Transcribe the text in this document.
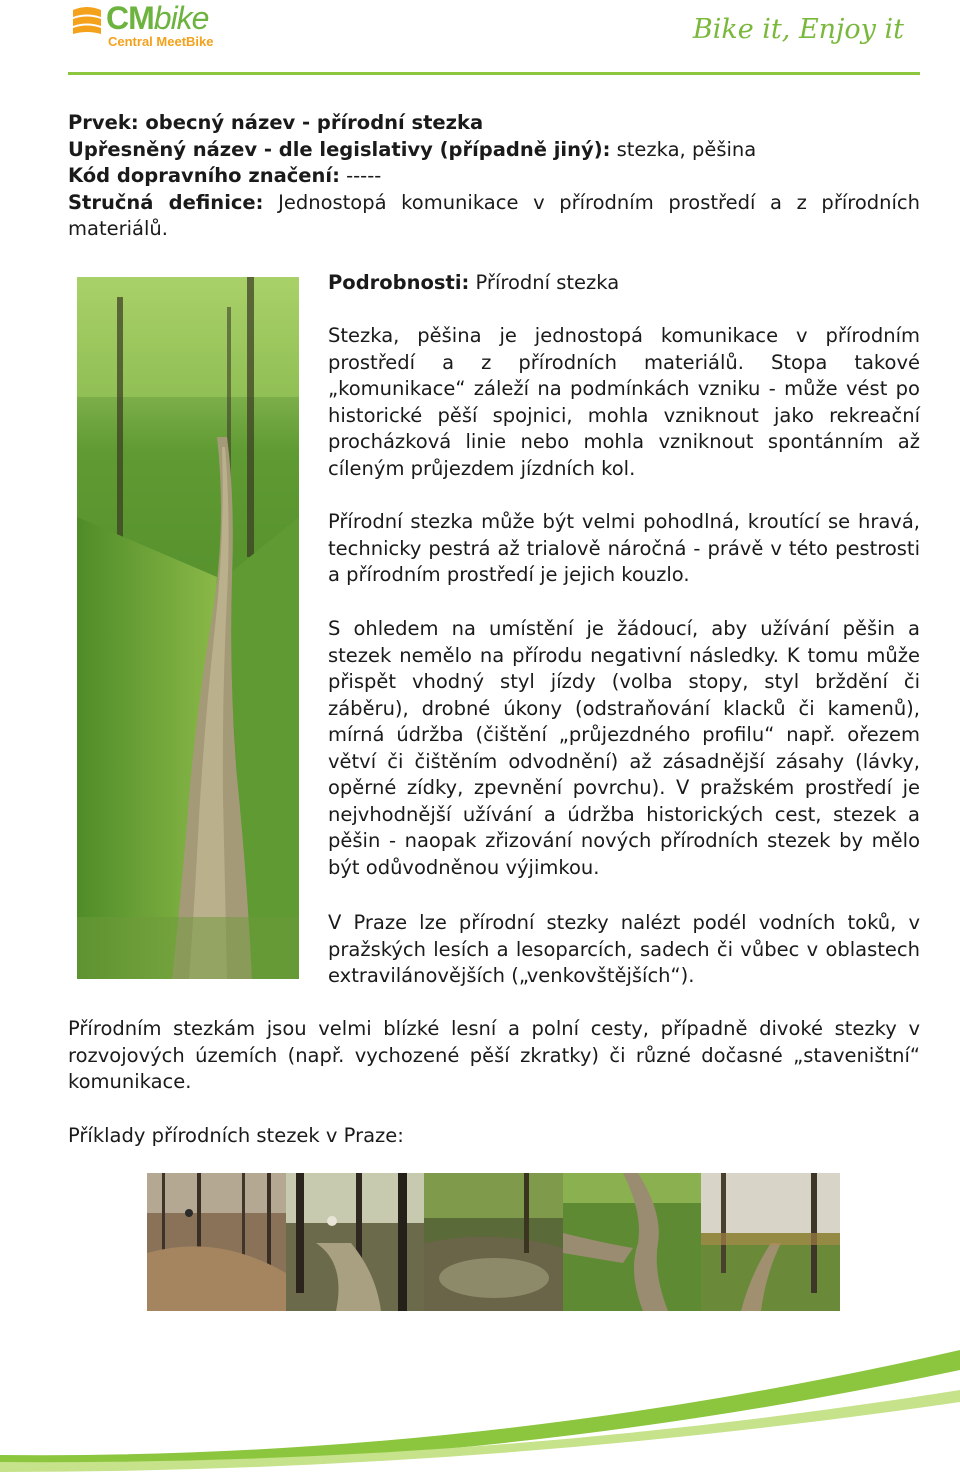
CMbike
Central MeetBike	Bike it, Enjoy it
Prvek: obecný název - přírodní stezka
Upřesněný název - dle legislativy (případně jiný): stezka, pěšina
Kód dopravního značení: -----
Stručná definice: Jednostopá komunikace v přírodním prostředí a z přírodních materiálů.
Podrobnosti: Přírodní stezka
Stezka, pěšina je jednostopá komunikace v přírodním prostředí a z přírodních materiálů. Stopa takové „komunikace“ záleží na podmínkách vzniku - může vést po historické pěší spojnici, mohla vzniknout jako rekreační procházková linie nebo mohla vzniknout spontánním až cíleným průjezdem jízdních kol.
Přírodní stezka může být velmi pohodlná, kroutící se hravá, technicky pestrá až trialově náročná - právě v této pestrosti a přírodním prostředí je jejich kouzlo.
S ohledem na umístění je žádoucí, aby užívání pěšin a stezek nemělo na přírodu negativní následky. K tomu může přispět vhodný styl jízdy (volba stopy, styl brždění či záběru), drobné úkony (odstraňování klacků či kamenů), mírná údržba (čištění „průjezdného profilu“ např. ořezem větví či čištěním odvodnění) až zásadnější zásahy (lávky, opěrné zídky, zpevnění povrchu). V pražském prostředí je nejvhodnější užívání a údržba historických cest, stezek a pěšin - naopak zřizování nových přírodních stezek by mělo být odůvodněnou výjimkou.
V Praze lze přírodní stezky nalézt podél vodních toků, v pražských lesích a lesoparcích, sadech či vůbec v oblastech extravilánovějších („venkovštějších“).
Přírodním stezkám jsou velmi blízké lesní a polní cesty, případně divoké stezky v rozvojových územích (např. vychozené pěší zkratky) či různé dočasné „staveništní“ komunikace.
Příklady přírodních stezek v Praze:
